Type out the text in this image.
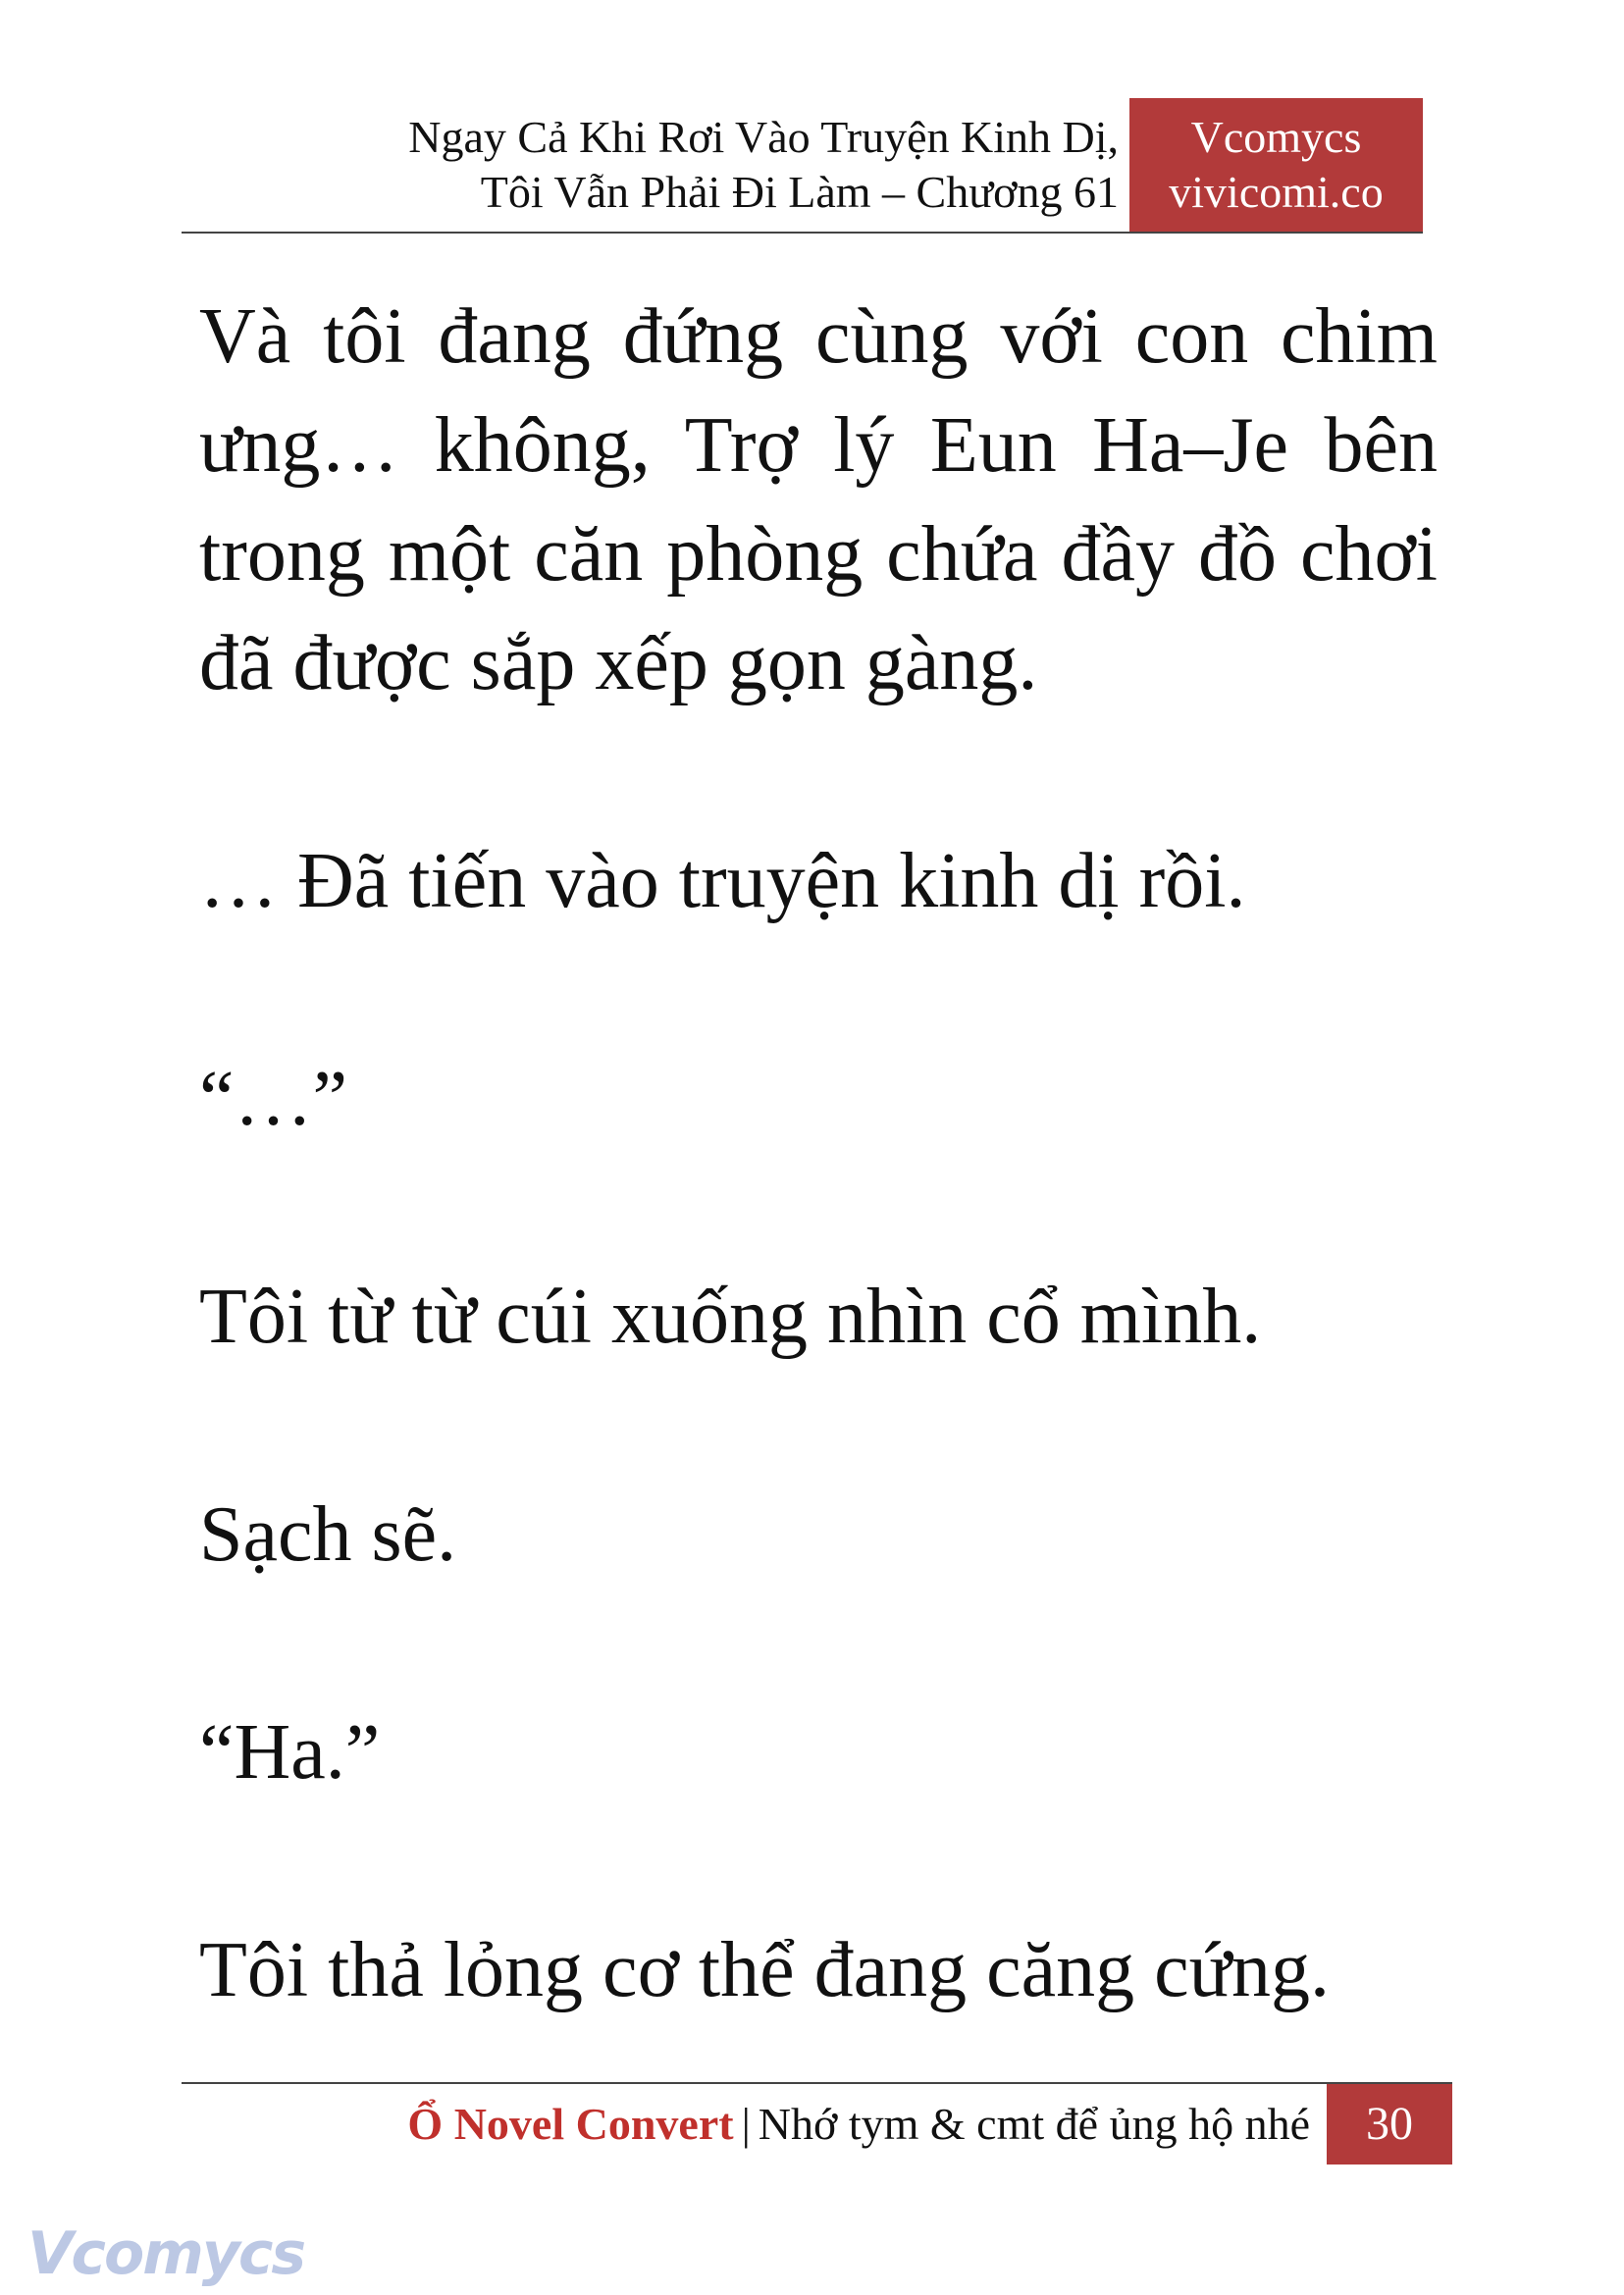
Ngay Cả Khi Rơi Vào Truyện Kinh Dị,
Tôi Vẫn Phải Đi Làm – Chương 61
Vcomycs
vivicomi.co

Và tôi đang đứng cùng với con chim ưng… không, Trợ lý Eun Ha–Je bên trong một căn phòng chứa đầy đồ chơi đã được sắp xếp gọn gàng.

… Đã tiến vào truyện kinh dị rồi.

“…”

Tôi từ từ cúi xuống nhìn cổ mình.

Sạch sẽ.

“Ha.”

Tôi thả lỏng cơ thể đang căng cứng.

Ổ Novel Convert | Nhớ tym & cmt để ủng hộ nhé	30
Vcomycs
